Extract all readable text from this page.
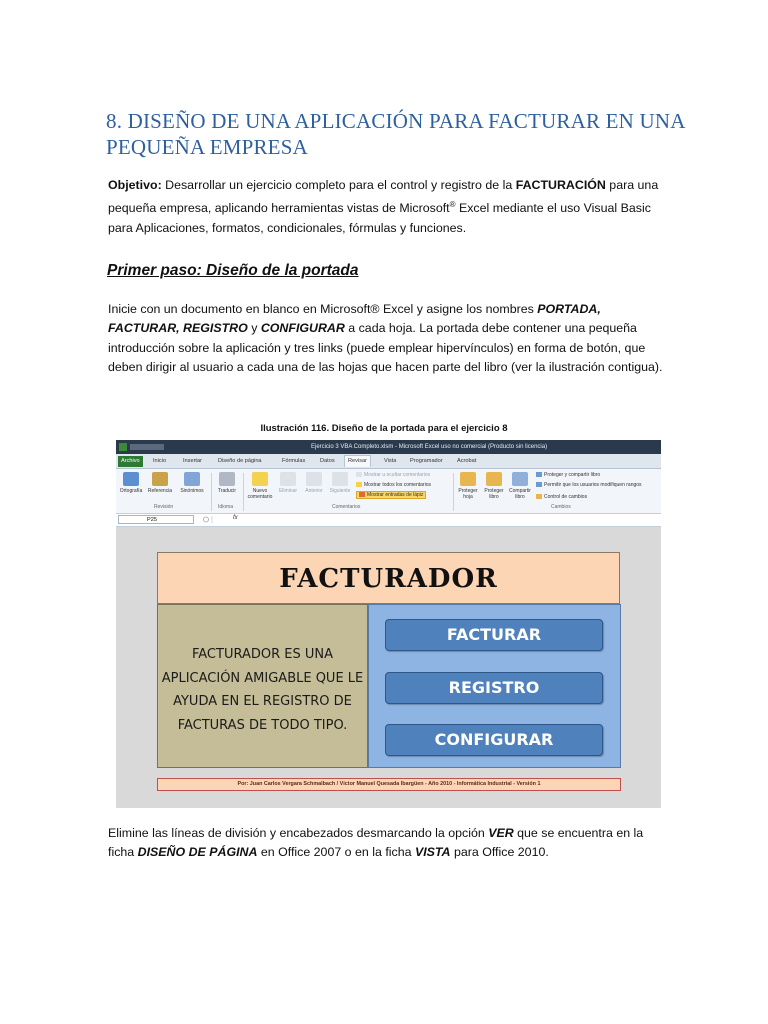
8. DISEÑO DE UNA APLICACIÓN PARA FACTURAR EN UNA PEQUEÑA EMPRESA
Objetivo: Desarrollar un ejercicio completo para el control y registro de la FACTURACIÓN para una pequeña empresa, aplicando herramientas vistas de Microsoft® Excel mediante el uso Visual Basic para Aplicaciones, formatos, condicionales, fórmulas y funciones.
Primer paso: Diseño de la portada
Inicie con un documento en blanco en Microsoft® Excel y asigne los nombres PORTADA,
FACTURAR, REGISTRO y CONFIGURAR a cada hoja. La portada debe contener una pequeña introducción sobre la aplicación y tres links (puede emplear hipervínculos) en forma de botón, que deben dirigir al usuario a cada una de las hojas que hacen parte del libro (ver la ilustración contigua).
Ilustración 116. Diseño de la portada para el ejercicio 8
Ejercicio 3 VBA Completo.xlsm - Microsoft Excel uso no comercial (Producto sin licencia)
Archivo	Inicio	Insertar	Diseño de página	Fórmulas	Datos	Revisar	Vista	Programador	Acrobat
Ortografía	Referencia Sinónimos	Traducir	Nuevo comentario
Eliminar	Anterior	Siguiente
Mostrar u ocultar comentarios
Mostrar todos los comentarios
Mostrar entradas de lápiz
Proteger hoja
Proteger libro
Compartir libro
Proteger y compartir libro
Permitir que los usuarios modifiquen rangos
Control de cambios
Revisión	Idioma	Comentarios	Cambios
P25	fx
FACTURADOR
FACTURADOR ES UNA APLICACIÓN AMIGABLE QUE LE AYUDA EN EL REGISTRO DE FACTURAS DE TODO TIPO.
FACTURAR
REGISTRO
CONFIGURAR
Por: Juan Carlos Vergara Schmalbach / Víctor Manuel Quesada Ibargüen - Año 2010 - Informática Industrial - Versión 1
Elimine las líneas de división y encabezados desmarcando la opción VER que se encuentra en la ficha DISEÑO DE PÁGINA en Office 2007 o en la ficha VISTA para Office 2010.
